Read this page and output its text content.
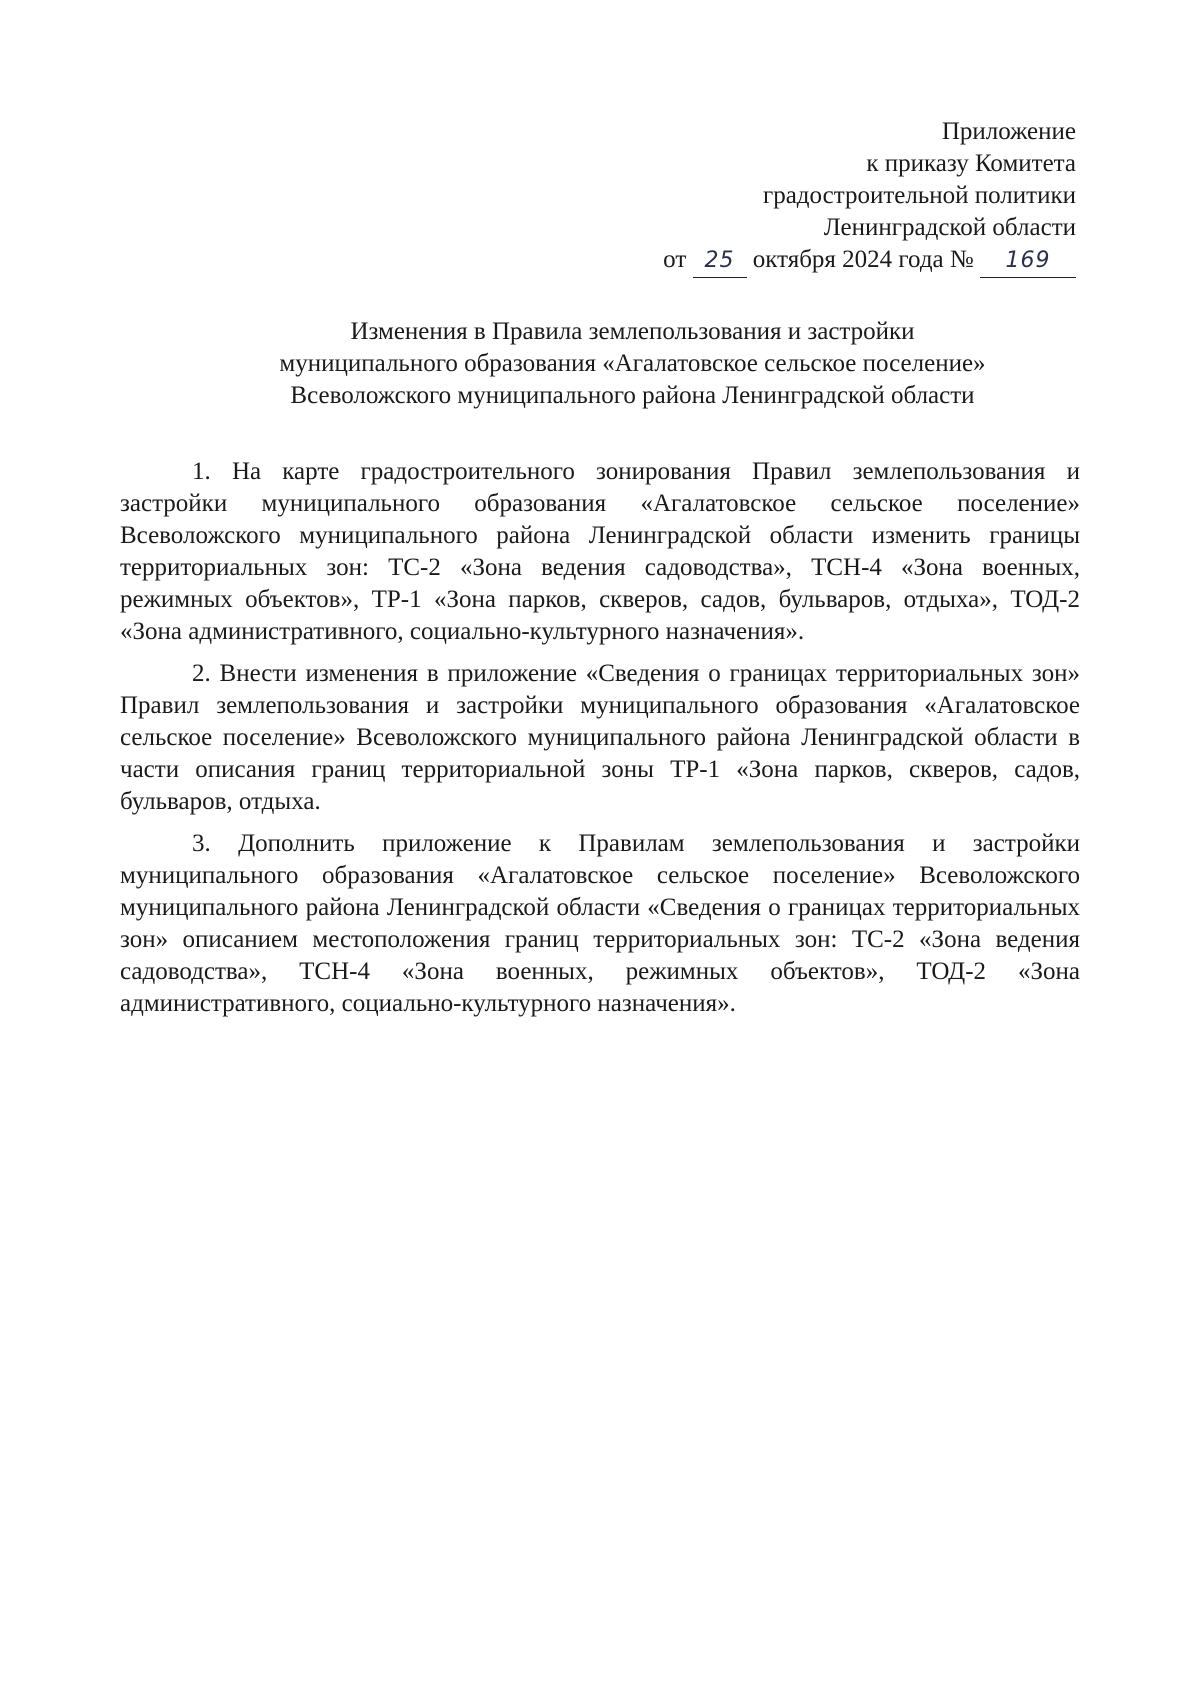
Приложение
к приказу Комитета
градостроительной политики
Ленинградской области
от 25 октября 2024 года № 169
Изменения в Правила землепользования и застройки
муниципального образования «Агалатовское сельское поселение»
Всеволожского муниципального района Ленинградской области

1. На карте градостроительного зонирования Правил землепользования и застройки муниципального образования «Агалатовское сельское поселение» Всеволожского муниципального района Ленинградской области изменить границы территориальных зон: ТС-2 «Зона ведения садоводства», ТСН-4 «Зона военных, режимных объектов», ТР-1 «Зона парков, скверов, садов, бульваров, отдыха», ТОД-2 «Зона административного, социально-культурного назначения».

2. Внести изменения в приложение «Сведения о границах территориальных зон» Правил землепользования и застройки муниципального образования «Агалатовское сельское поселение» Всеволожского муниципального района Ленинградской области в части описания границ территориальной зоны ТР-1 «Зона парков, скверов, садов, бульваров, отдыха.

3. Дополнить приложение к Правилам землепользования и застройки муниципального образования «Агалатовское сельское поселение» Всеволожского муниципального района Ленинградской области «Сведения о границах территориальных зон» описанием местоположения границ территориальных зон: ТС-2 «Зона ведения садоводства», ТСН-4 «Зона военных, режимных объектов», ТОД-2 «Зона административного, социально-культурного назначения».
